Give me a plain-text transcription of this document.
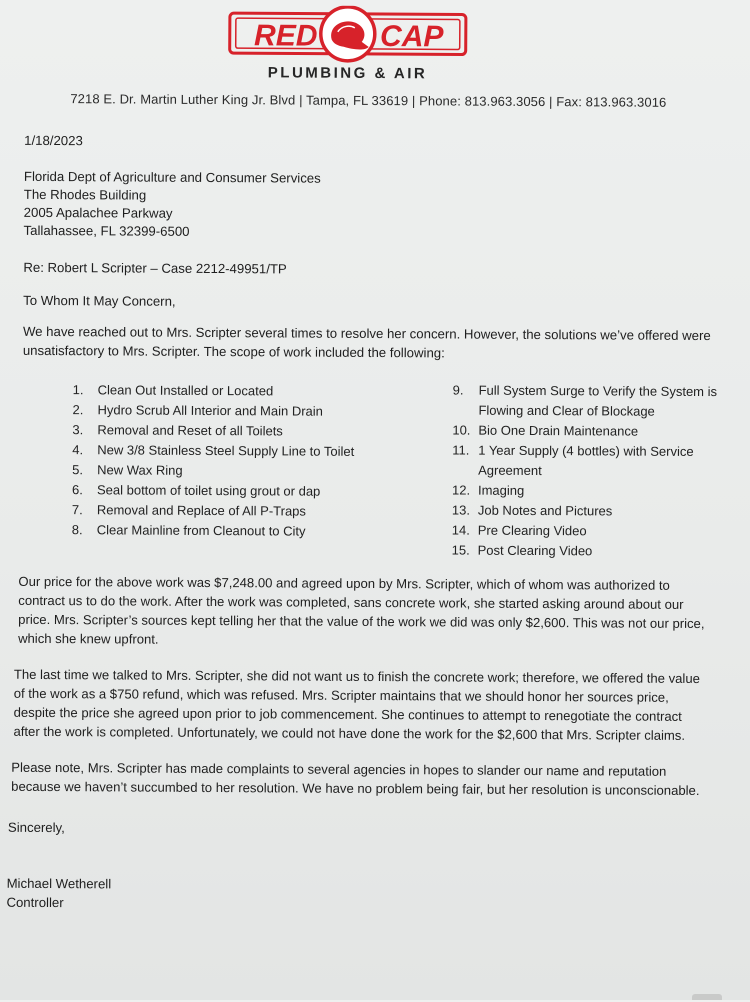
RED CAP
PLUMBING & AIR
7218 E. Dr. Martin Luther King Jr. Blvd | Tampa, FL 33619 | Phone: 813.963.3056 | Fax: 813.963.3016
1/18/2023
Florida Dept of Agriculture and Consumer Services
The Rhodes Building
2005 Apalachee Parkway
Tallahassee, FL 32399-6500
Re: Robert L Scripter – Case 2212-49951/TP
To Whom It May Concern,
We have reached out to Mrs. Scripter several times to resolve her concern. However, the solutions we’ve offered were
unsatisfactory to Mrs. Scripter. The scope of work included the following:
1. Clean Out Installed or Located
2. Hydro Scrub All Interior and Main Drain
3. Removal and Reset of all Toilets
4. New 3/8 Stainless Steel Supply Line to Toilet
5. New Wax Ring
6. Seal bottom of toilet using grout or dap
7. Removal and Replace of All P-Traps
8. Clear Mainline from Cleanout to City
9. Full System Surge to Verify the System is
Flowing and Clear of Blockage
10. Bio One Drain Maintenance
11. 1 Year Supply (4 bottles) with Service
Agreement
12. Imaging
13. Job Notes and Pictures
14. Pre Clearing Video
15. Post Clearing Video
Our price for the above work was $7,248.00 and agreed upon by Mrs. Scripter, which of whom was authorized to
contract us to do the work. After the work was completed, sans concrete work, she started asking around about our
price. Mrs. Scripter’s sources kept telling her that the value of the work we did was only $2,600. This was not our price,
which she knew upfront.
The last time we talked to Mrs. Scripter, she did not want us to finish the concrete work; therefore, we offered the value
of the work as a $750 refund, which was refused. Mrs. Scripter maintains that we should honor her sources price,
despite the price she agreed upon prior to job commencement. She continues to attempt to renegotiate the contract
after the work is completed. Unfortunately, we could not have done the work for the $2,600 that Mrs. Scripter claims.
Please note, Mrs. Scripter has made complaints to several agencies in hopes to slander our name and reputation
because we haven’t succumbed to her resolution. We have no problem being fair, but her resolution is unconscionable.
Sincerely,
Michael Wetherell
Controller
